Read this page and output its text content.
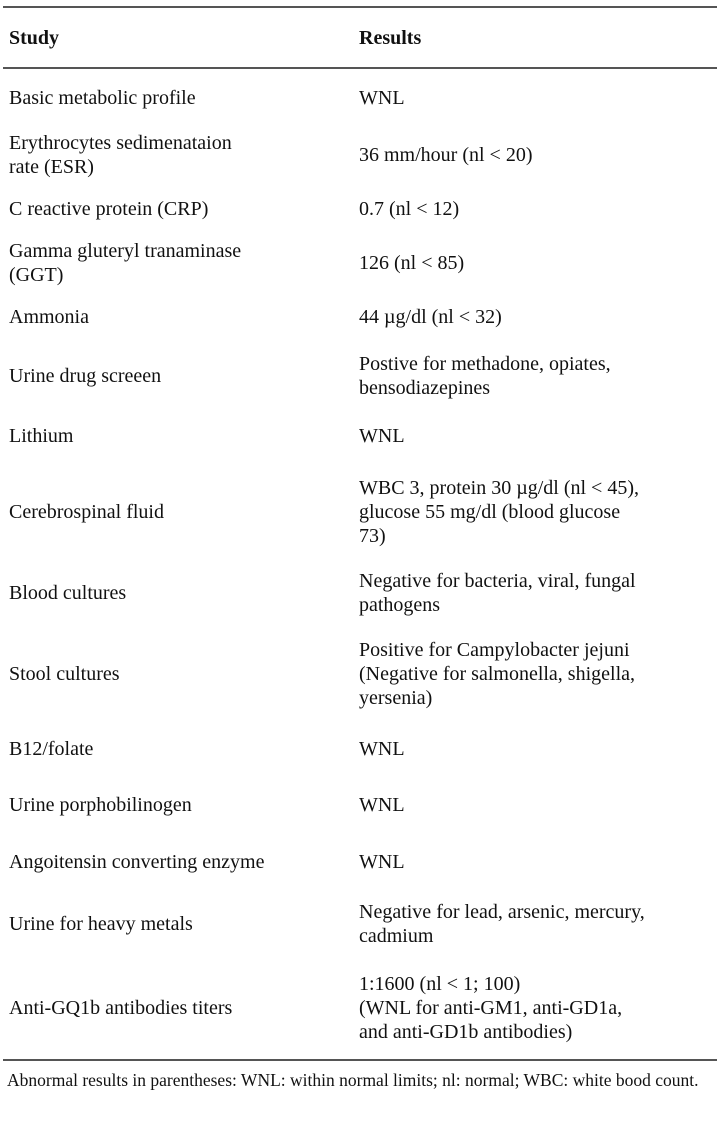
Study	Results

Basic metabolic profile	WNL

Erythrocytes sedimenataion
rate (ESR)	36 mm/hour (nl < 20)

C reactive protein (CRP)	0.7 (nl < 12)

Gamma gluteryl tranaminase
(GGT)	126 (nl < 85)

Ammonia	44 µg/dl (nl < 32)

Urine drug screeen	Postive for methadone, opiates,
bensodiazepines

Lithium	WNL

Cerebrospinal fluid	WBC 3, protein 30 µg/dl (nl < 45),
glucose 55 mg/dl (blood glucose
73)

Blood cultures	Negative for bacteria, viral, fungal
pathogens

Stool cultures	Positive for Campylobacter jejuni
(Negative for salmonella, shigella,
yersenia)

B12/folate	WNL

Urine porphobilinogen	WNL

Angoitensin converting enzyme	WNL

Urine for heavy metals	Negative for lead, arsenic, mercury,
cadmium

Anti-GQ1b antibodies titers	1:1600 (nl < 1; 100)
(WNL for anti-GM1, anti-GD1a,
and anti-GD1b antibodies)
Abnormal results in parentheses: WNL: within normal limits; nl: normal; WBC: white bood count.
